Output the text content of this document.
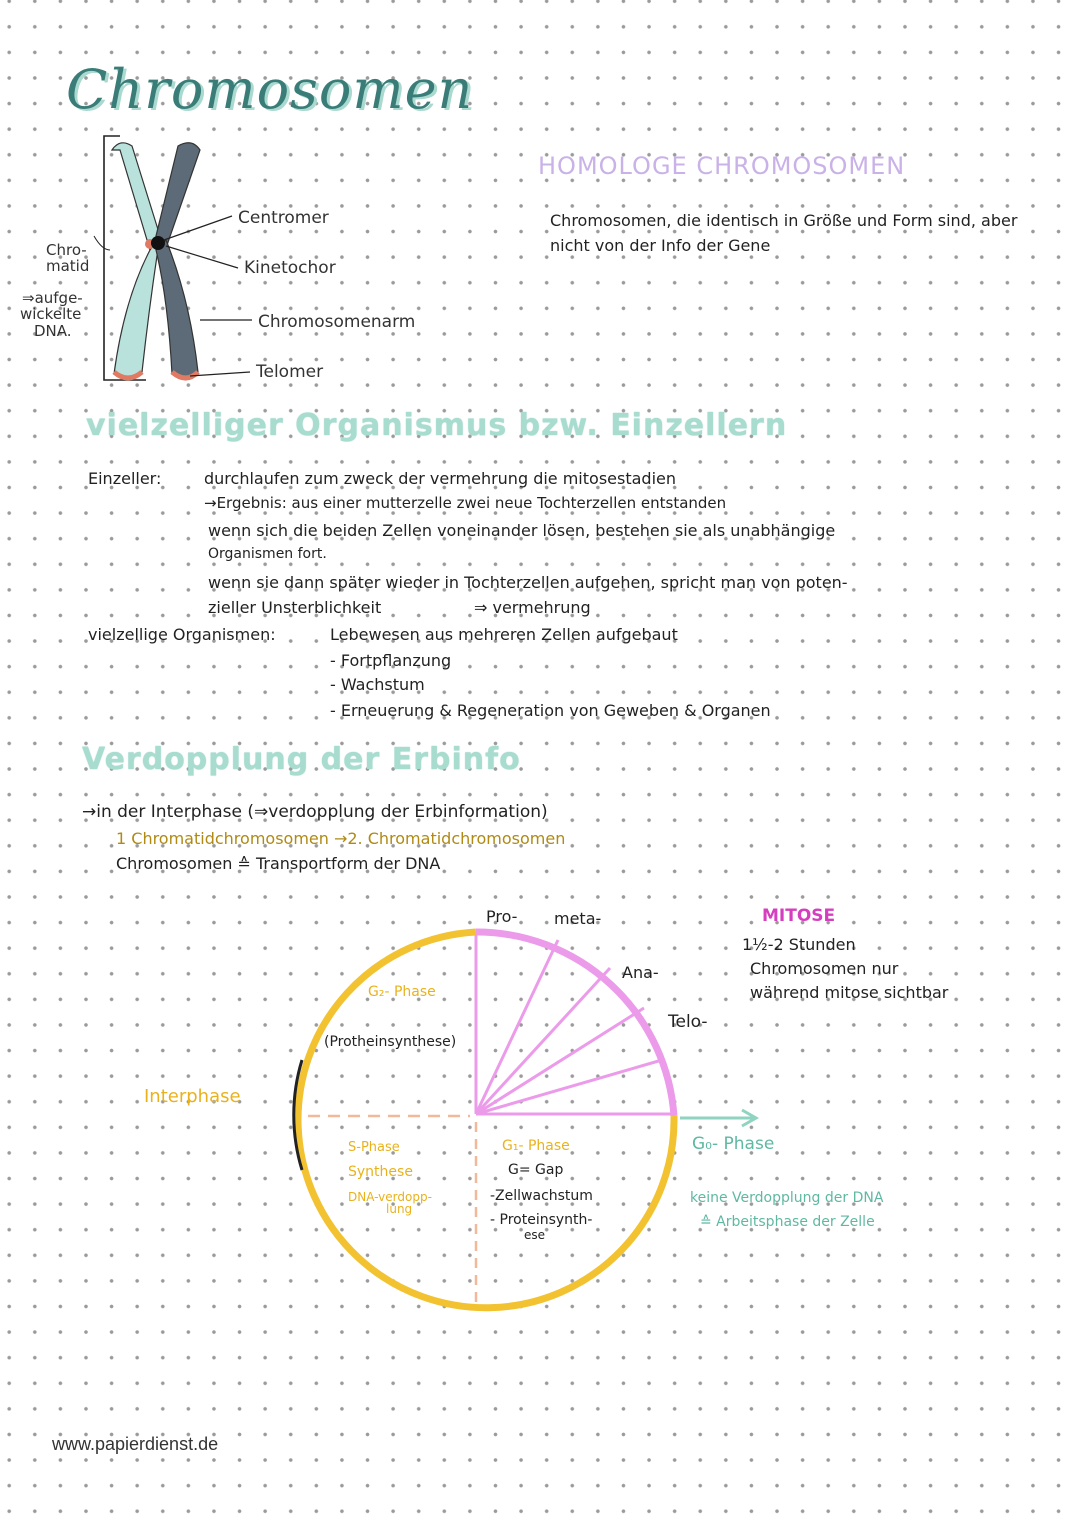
Chromosomen
Chro-
matid
⇒aufge-
wickelte
DNA.
Centromer
Kinetochor
Chromosomenarm
Telomer
HOMOLOGE CHROMOSOMEN
Chromosomen, die identisch in Größe und Form sind, aber nicht von der Info der Gene
vielzelliger Organismus bzw. Einzellern
Einzeller:	durchlaufen zum zweck der vermehrung die mitosestadien
→Ergebnis: aus einer mutterzelle zwei neue Tochterzellen entstanden
wenn sich die beiden Zellen voneinander lösen, bestehen sie als unabhängige
Organismen fort.
wenn sie dann später wieder in Tochterzellen aufgehen, spricht man von poten-
zieller Unsterblichkeit	⇒ vermehrung
vielzellige Organismen:	Lebewesen aus mehreren Zellen aufgebaut
- Fortpflanzung
- Wachstum
- Erneuerung & Regeneration von Geweben & Organen
Verdopplung der Erbinfo
→in der Interphase (⇒verdopplung der Erbinformation)
1 Chromatidchromosomen →2. Chromatidchromosomen
Chromosomen ≙ Transportform der DNA
Pro- meta-
Ana-
Telo-
G₂- Phase
(Protheinsynthese)
Interphase
S-Phase
Synthese
DNA-verdopp-
lung
G₁- Phase
G= Gap
-Zellwachstum
- Proteinsynth-
ese
G₀- Phase
keine Verdopplung der DNA
≙ Arbeitsphase der Zelle
MITOSE
1½-2 Stunden
Chromosomen nur
während mitose sichtbar
www.papierdienst.de
